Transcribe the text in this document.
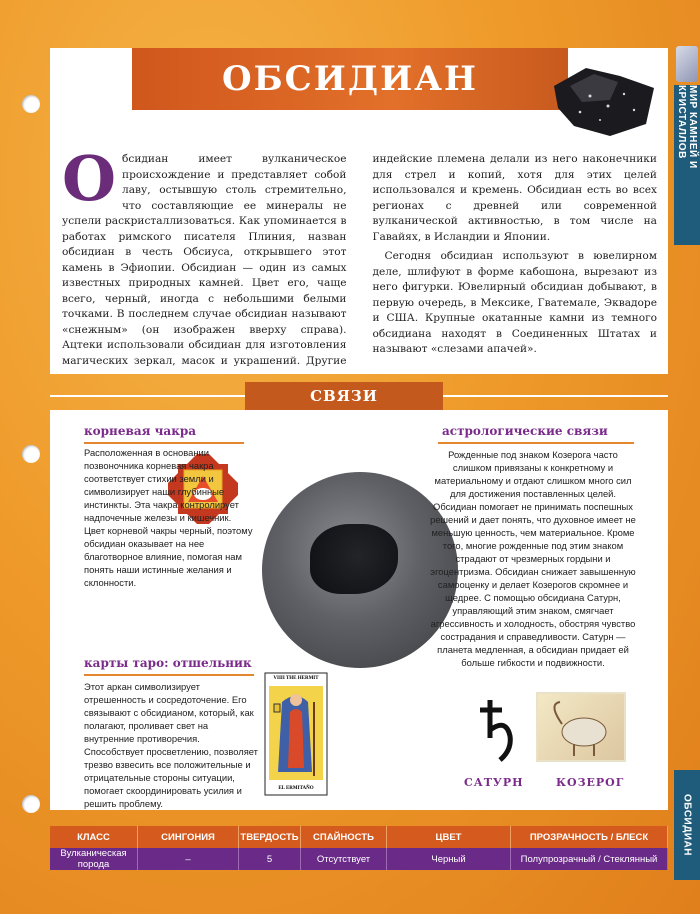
МИР КАМНЕЙ И КРИСТАЛЛОВ
ОБСИДИАН
ОБСИДИАН

Обсидиан имеет вулканическое происхождение и представляет собой лаву, остывшую столь стремительно, что составляющие ее минералы не успели раскристаллизоваться. Как упоминается в работах римского писателя Плиния, назван обсидиан в честь Обсиуса, открывшего этот камень в Эфиопии. Обсидиан — один из самых известных природных камней. Цвет его, чаще всего, черный, иногда с небольшими белыми точками. В последнем случае обсидиан называют «снежным» (он изображен вверху справа). Ацтеки использовали обсидиан для изготовления магических зеркал, масок и украшений. Другие индейские племена делали из него наконечники для стрел и копий, хотя для этих целей использовался и кремень. Обсидиан есть во всех регионах с древней или современной вулканической активностью, в том числе на Гавайях, в Исландии и Японии.

Сегодня обсидиан используют в ювелирном деле, шлифуют в форме кабошона, вырезают из него фигурки. Ювелирный обсидиан добывают, в первую очередь, в Мексике, Гватемале, Эквадоре и США. Крупные окатанные камни из темного обсидиана находят в Соединенных Штатах и называют «слезами апачей».

СВЯЗИ
корневая чакра
Расположенная в основании позвоночника корневая чакра соответствует стихии земли и символизирует наши глубинные инстинкты. Эта чакра контролирует надпочечные железы и кишечник. Цвет корневой чакры черный, поэтому обсидиан оказывает на нее благотворное влияние, помогая нам понять наши истинные желания и склонности.
астрологические связи
Рожденные под знаком Козерога часто слишком привязаны к конкретному и материальному и отдают слишком много сил для достижения поставленных целей. Обсидиан помогает не принимать поспешных решений и дает понять, что духовное имеет не меньшую ценность, чем материальное. Кроме того, многие рожденные под этим знаком страдают от чрезмерных гордыни и эгоцентризма. Обсидиан снижает завышенную самооценку и делает Козерогов скромнее и щедрее. С помощью обсидиана Сатурн, управляющий этим знаком, смягчает агрессивность и холодность, обостряя чувство сострадания и справедливости. Сатурн — планета медленная, а обсидиан придает ей больше гибкости и подвижности.
карты таро: отшельник
Этот аркан символизирует отрешенность и сосредоточение. Его связывают с обсидианом, который, как полагают, проливает свет на внутренние противоречия. Способствует просветлению, позволяет трезво взвесить все положительные и отрицательные стороны ситуации, помогает скоординировать усилия и решить проблему.
VIIII THE HERMIT
EL ERMITAÑO	САТУРН	КОЗЕРОГ
КЛАСС	СИНГОНИЯ	ТВЕРДОСТЬ	СПАЙНОСТЬ	ЦВЕТ	ПРОЗРАЧНОСТЬ / БЛЕСК
Вулканическая порода	–	5	Отсутствует	Черный	Полупрозрачный / Стеклянный
